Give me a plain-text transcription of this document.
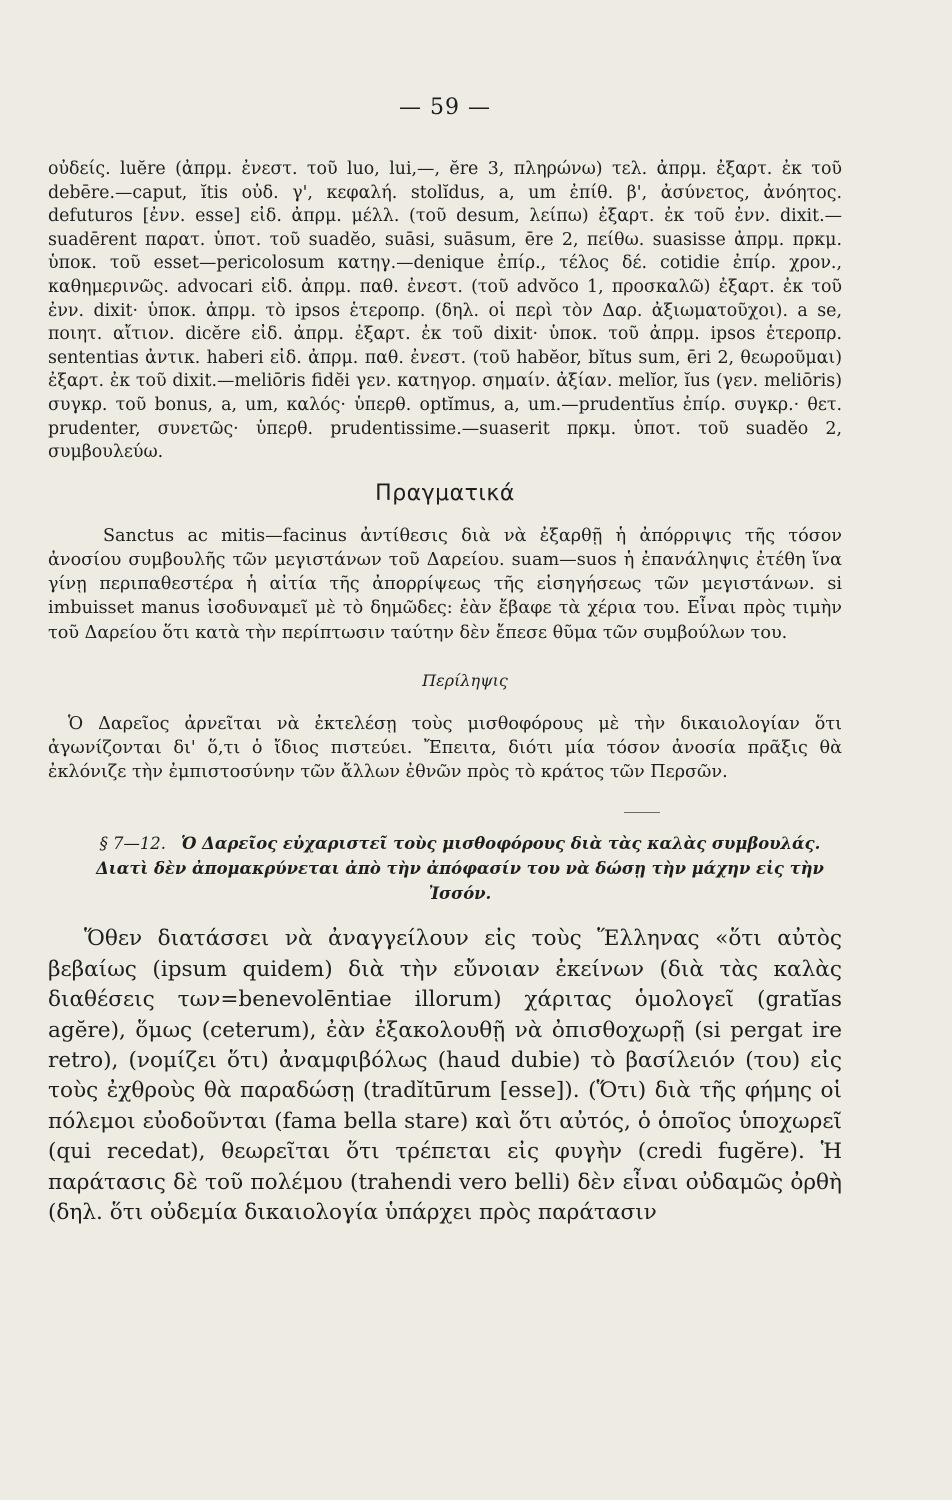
— 59 —

οὐδείς. luĕre (ἀπρμ. ἐνεστ. τοῦ luo, lui,—, ĕre 3, πληρώνω) τελ. ἀπρμ. ἐξαρτ. ἐκ τοῦ debēre.—caput, ĭtis οὐδ. γ', κεφαλή. stolĭdus, a, um ἐπίθ. β', ἀσύνετος, ἀνόητος. defuturos [ἐνν. esse] εἰδ. ἀπρμ. μέλλ. (τοῦ desum, λείπω) ἐξαρτ. ἐκ τοῦ ἐνν. dixit.—suadērent παρατ. ὑποτ. τοῦ suadĕo, suāsi, suāsum, ēre 2, πείθω. suasisse ἀπρμ. πρκμ. ὑποκ. τοῦ esset—pericolosum κατηγ.—denique ἐπίρ., τέλος δέ. cotidie ἐπίρ. χρον., καθημερινῶς. advocari εἰδ. ἀπρμ. παθ. ἐνεστ. (τοῦ advŏco 1, προσκαλῶ) ἐξαρτ. ἐκ τοῦ ἐνν. dixit· ὑποκ. ἀπρμ. τὸ ipsos ἑτεροπρ. (δηλ. οἱ περὶ τὸν Δαρ. ἀξιωματοῦχοι). a se, ποιητ. αἴτιον. dicĕre εἰδ. ἀπρμ. ἐξαρτ. ἐκ τοῦ dixit· ὑποκ. τοῦ ἀπρμ. ipsos ἑτεροπρ. sententias ἀντικ. haberi εἰδ. ἀπρμ. παθ. ἐνεστ. (τοῦ habĕor, bĭtus sum, ēri 2, θεωροῦμαι) ἐξαρτ. ἐκ τοῦ dixit.—meliōris fidĕi γεν. κατηγορ. σημαίν. ἀξίαν. melĭor, ĭus (γεν. meliōris) συγκρ. τοῦ bonus, a, um, καλός· ὑπερθ. optĭmus, a, um.—prudentĭus ἐπίρ. συγκρ.· θετ. prudenter, συνετῶς· ὑπερθ. prudentissime.—suaserit πρκμ. ὑποτ. τοῦ suadĕo 2, συμβουλεύω.

Πραγματικά

Sanctus ac mitis—facinus ἀντίθεσις διὰ νὰ ἐξαρθῇ ἡ ἀπόρριψις τῆς τόσον ἀνοσίου συμβουλῆς τῶν μεγιστάνων τοῦ Δαρείου. suam—suos ἡ ἐπανάληψις ἐτέθη ἵνα γίνῃ περιπαθεστέρα ἡ αἰτία τῆς ἀπορρίψεως τῆς εἰσηγήσεως τῶν μεγιστάνων. si imbuisset manus ἰσοδυναμεῖ μὲ τὸ δημῶδες: ἐὰν ἔβαφε τὰ χέρια του. Εἶναι πρὸς τιμὴν τοῦ Δαρείου ὅτι κατὰ τὴν περίπτωσιν ταύτην δὲν ἔπεσε θῦμα τῶν συμβούλων του.

Περίληψις

Ὁ Δαρεῖος ἀρνεῖται νὰ ἐκτελέσῃ τοὺς μισθοφόρους μὲ τὴν δικαιολογίαν ὅτι ἀγωνίζονται δι' ὅ,τι ὁ ἴδιος πιστεύει. Ἔπειτα, διότι μία τόσον ἀνοσία πρᾶξις θὰ ἐκλόνιζε τὴν ἐμπιστοσύνην τῶν ἄλλων ἐθνῶν πρὸς τὸ κράτος τῶν Περσῶν.

§ 7—12. Ὁ Δαρεῖος εὐχαριστεῖ τοὺς μισθοφόρους διὰ τὰς καλὰς συμβουλάς. Διατὶ δὲν ἀπομακρύνεται ἀπὸ τὴν ἀπόφασίν του νὰ δώσῃ τὴν μάχην εἰς τὴν Ἰσσόν.

Ὅθεν διατάσσει νὰ ἀναγγείλουν εἰς τοὺς Ἕλληνας «ὅτι αὐτὸς βεβαίως (ipsum quidem) διὰ τὴν εὔνοιαν ἐκείνων (διὰ τὰς καλὰς διαθέσεις των=benevolēntiae illorum) χάριτας ὁμολογεῖ (gratĭas agĕre), ὅμως (ceterum), ἐὰν ἐξακολουθῇ νὰ ὀπισθοχωρῇ (si pergat ire retro), (νομίζει ὅτι) ἀναμφιβόλως (haud dubie) τὸ βασίλειόν (του) εἰς τοὺς ἐχθροὺς θὰ παραδώσῃ (tradĭtūrum [esse]). (Ὅτι) διὰ τῆς φήμης οἱ πόλεμοι εὐοδοῦνται (fama bella stare) καὶ ὅτι αὐτός, ὁ ὁποῖος ὑποχωρεῖ (qui recedat), θεωρεῖται ὅτι τρέπεται εἰς φυγὴν (credi fugĕre). Ἡ παράτασις δὲ τοῦ πολέμου (trahendi vero belli) δὲν εἶναι οὐδαμῶς ὀρθὴ (δηλ. ὅτι οὐδεμία δικαιολογία ὑπάρχει πρὸς παράτασιν
